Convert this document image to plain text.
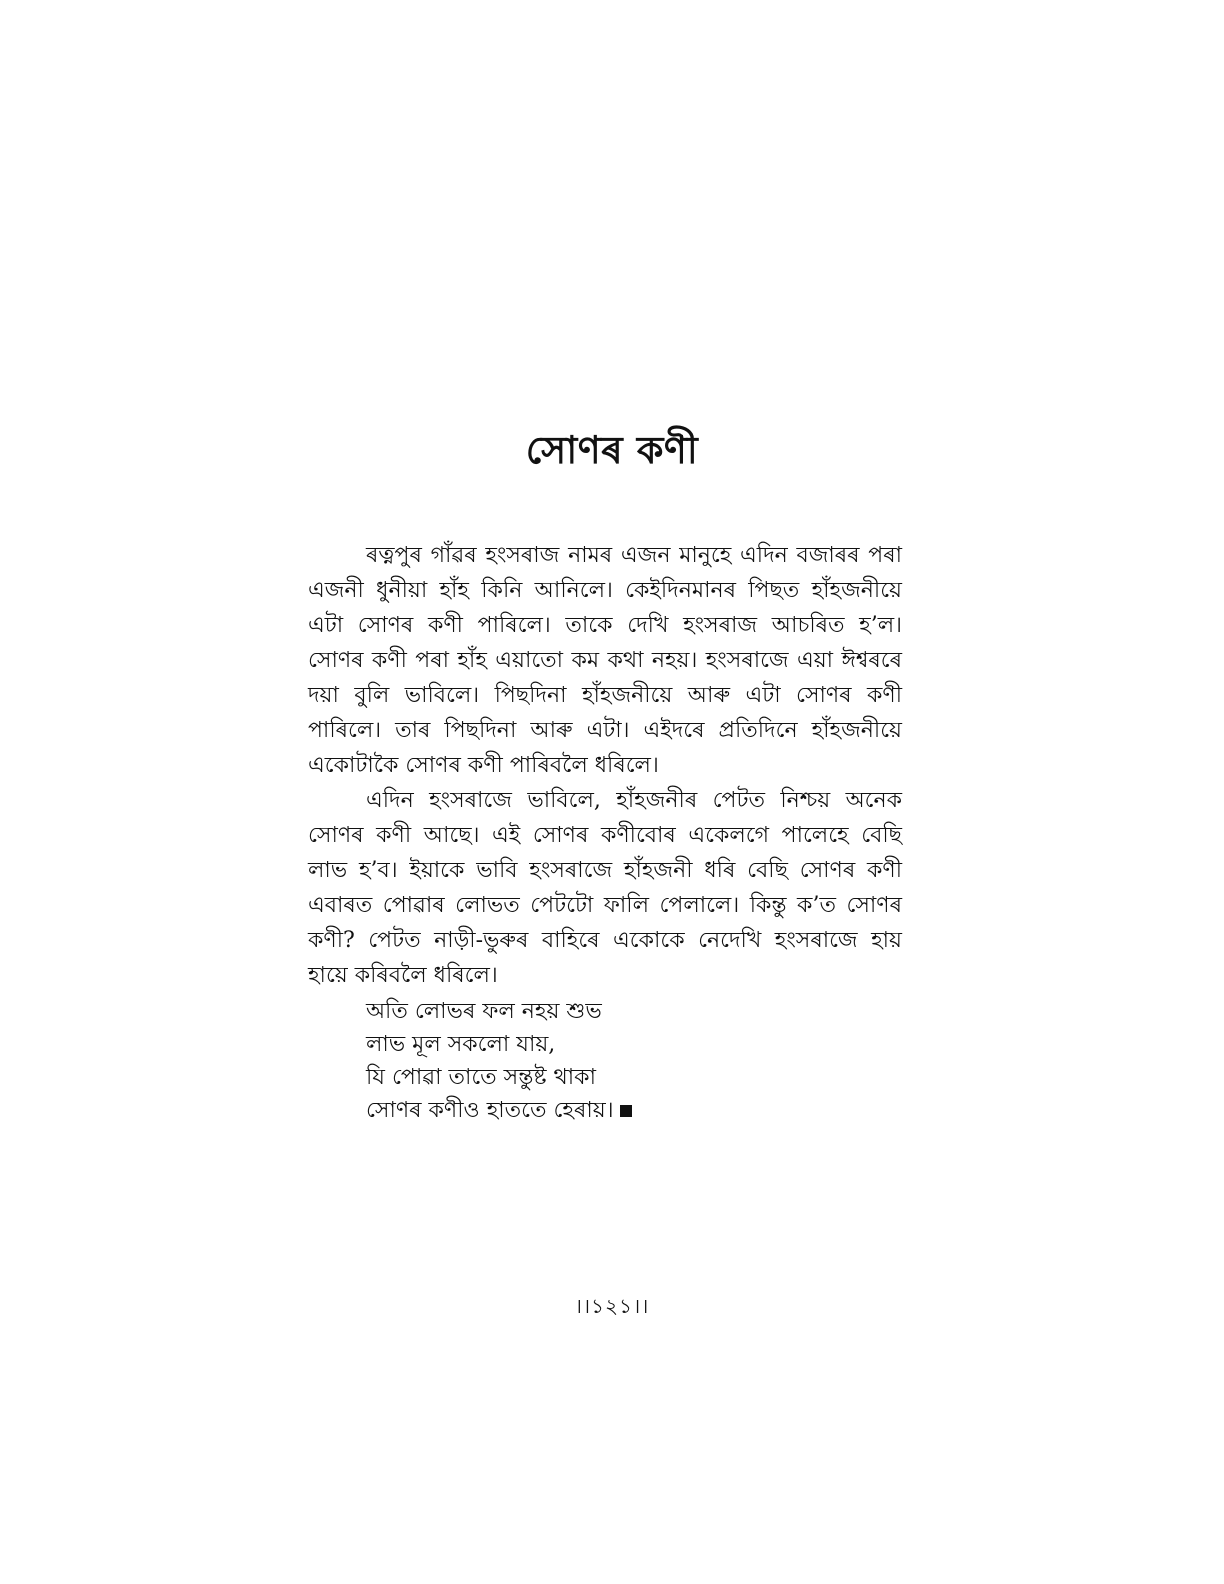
সোণৰ কণী

ৰত্নপুৰ গাঁৱৰ হংসৰাজ নামৰ এজন মানুহে এদিন বজাৰৰ পৰা এজনী ধুনীয়া হাঁহ কিনি আনিলে। কেইদিনমানৰ পিছত হাঁহজনীয়ে এটা সোণৰ কণী পাৰিলে। তাকে দেখি হংসৰাজ আচৰিত হ’ল। সোণৰ কণী পৰা হাঁহ এয়াতো কম কথা নহয়। হংসৰাজে এয়া ঈশ্বৰৰে দয়া বুলি ভাবিলে। পিছদিনা হাঁহজনীয়ে আৰু এটা সোণৰ কণী পাৰিলে। তাৰ পিছদিনা আৰু এটা। এইদৰে প্ৰতিদিনে হাঁহজনীয়ে একোটাকৈ সোণৰ কণী পাৰিবলৈ ধৰিলে।

এদিন হংসৰাজে ভাবিলে, হাঁহজনীৰ পেটত নিশ্চয় অনেক সোণৰ কণী আছে। এই সোণৰ কণীবোৰ একেলগে পালেহে বেছি লাভ হ’ব। ইয়াকে ভাবি হংসৰাজে হাঁহজনী ধৰি বেছি সোণৰ কণী এবাৰত পোৱাৰ লোভত পেটটো ফালি পেলালে। কিন্তু ক’ত সোণৰ কণী? পেটত নাড়ী-ভুৰুৰ বাহিৰে একোকে নেদেখি হংসৰাজে হায় হায়ে কৰিবলৈ ধৰিলে।

অতি লোভৰ ফল নহয় শুভ
লাভ মূল সকলো যায়,
যি পোৱা তাতে সন্তুষ্ট থাকা
সোণৰ কণীও হাততে হেৰায়।
।।১২১।।
